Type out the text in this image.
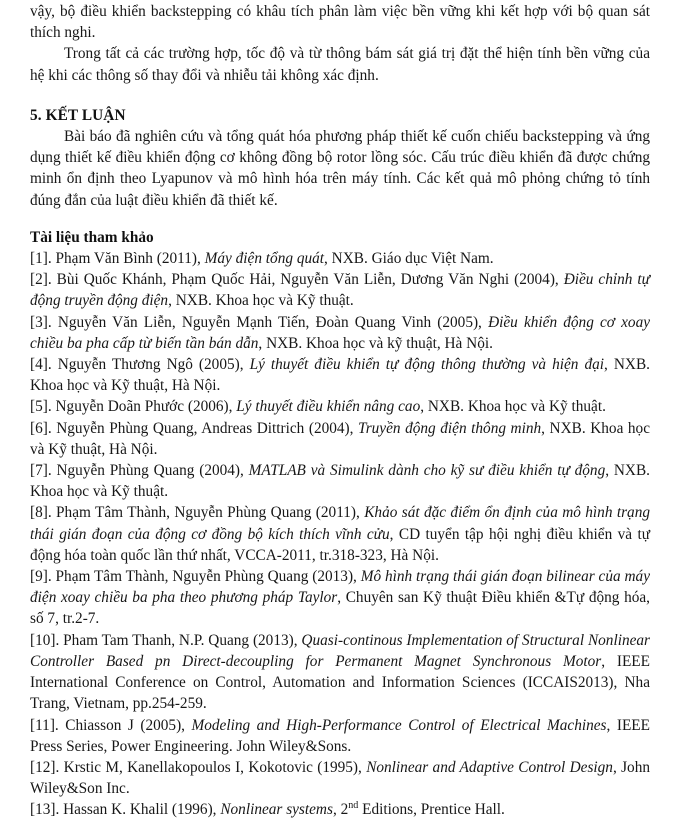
vậy, bộ điều khiển backstepping có khâu tích phân làm việc bền vững khi kết hợp với bộ quan sát thích nghi.

Trong tất cả các trường hợp, tốc độ và từ thông bám sát giá trị đặt thể hiện tính bền vững của hệ khi các thông số thay đổi và nhiễu tải không xác định.

5. KẾT LUẬN

Bài báo đã nghiên cứu và tổng quát hóa phương pháp thiết kế cuốn chiếu backstepping và ứng dụng thiết kế điều khiển động cơ không đồng bộ rotor lồng sóc. Cấu trúc điều khiển đã được chứng minh ổn định theo Lyapunov và mô hình hóa trên máy tính. Các kết quả mô phỏng chứng tỏ tính đúng đắn của luật điều khiển đã thiết kế.

Tài liệu tham khảo

[1]. Phạm Văn Bình (2011), Máy điện tổng quát, NXB. Giáo dục Việt Nam.

[2]. Bùi Quốc Khánh, Phạm Quốc Hải, Nguyễn Văn Liễn, Dương Văn Nghi (2004), Điều chỉnh tự động truyền động điện, NXB. Khoa học và Kỹ thuật.

[3]. Nguyễn Văn Liễn, Nguyễn Mạnh Tiến, Đoàn Quang Vinh (2005), Điều khiển động cơ xoay chiều ba pha cấp từ biến tần bán dẫn, NXB. Khoa học và kỹ thuật, Hà Nội.

[4]. Nguyễn Thương Ngô (2005), Lý thuyết điều khiển tự động thông thường và hiện đại, NXB. Khoa học và Kỹ thuật, Hà Nội.

[5]. Nguyễn Doãn Phước (2006), Lý thuyết điều khiển nâng cao, NXB. Khoa học và Kỹ thuật.

[6]. Nguyễn Phùng Quang, Andreas Dittrich (2004), Truyền động điện thông minh, NXB. Khoa học và Kỹ thuật, Hà Nội.

[7]. Nguyễn Phùng Quang (2004), MATLAB và Simulink dành cho kỹ sư điều khiển tự động, NXB. Khoa học và Kỹ thuật.

[8]. Phạm Tâm Thành, Nguyễn Phùng Quang (2011), Khảo sát đặc điểm ổn định của mô hình trạng thái gián đoạn của động cơ đồng bộ kích thích vĩnh cửu, CD tuyển tập hội nghị điều khiển và tự động hóa toàn quốc lần thứ nhất, VCCA-2011, tr.318-323, Hà Nội.

[9]. Phạm Tâm Thành, Nguyễn Phùng Quang (2013), Mô hình trạng thái gián đoạn bilinear của máy điện xoay chiều ba pha theo phương pháp Taylor, Chuyên san Kỹ thuật Điều khiển &Tự động hóa, số 7, tr.2-7.

[10]. Pham Tam Thanh, N.P. Quang (2013), Quasi-continous Implementation of Structural Nonlinear Controller Based pn Direct-decoupling for Permanent Magnet Synchronous Motor, IEEE International Conference on Control, Automation and Information Sciences (ICCAIS2013), Nha Trang, Vietnam, pp.254-259.

[11]. Chiasson J (2005), Modeling and High-Performance Control of Electrical Machines, IEEE Press Series, Power Engineering. John Wiley&Sons.

[12]. Krstic M, Kanellakopoulos I, Kokotovic (1995), Nonlinear and Adaptive Control Design, John Wiley&Son Inc.

[13]. Hassan K. Khalil (1996), Nonlinear systems, 2nd Editions, Prentice Hall.
